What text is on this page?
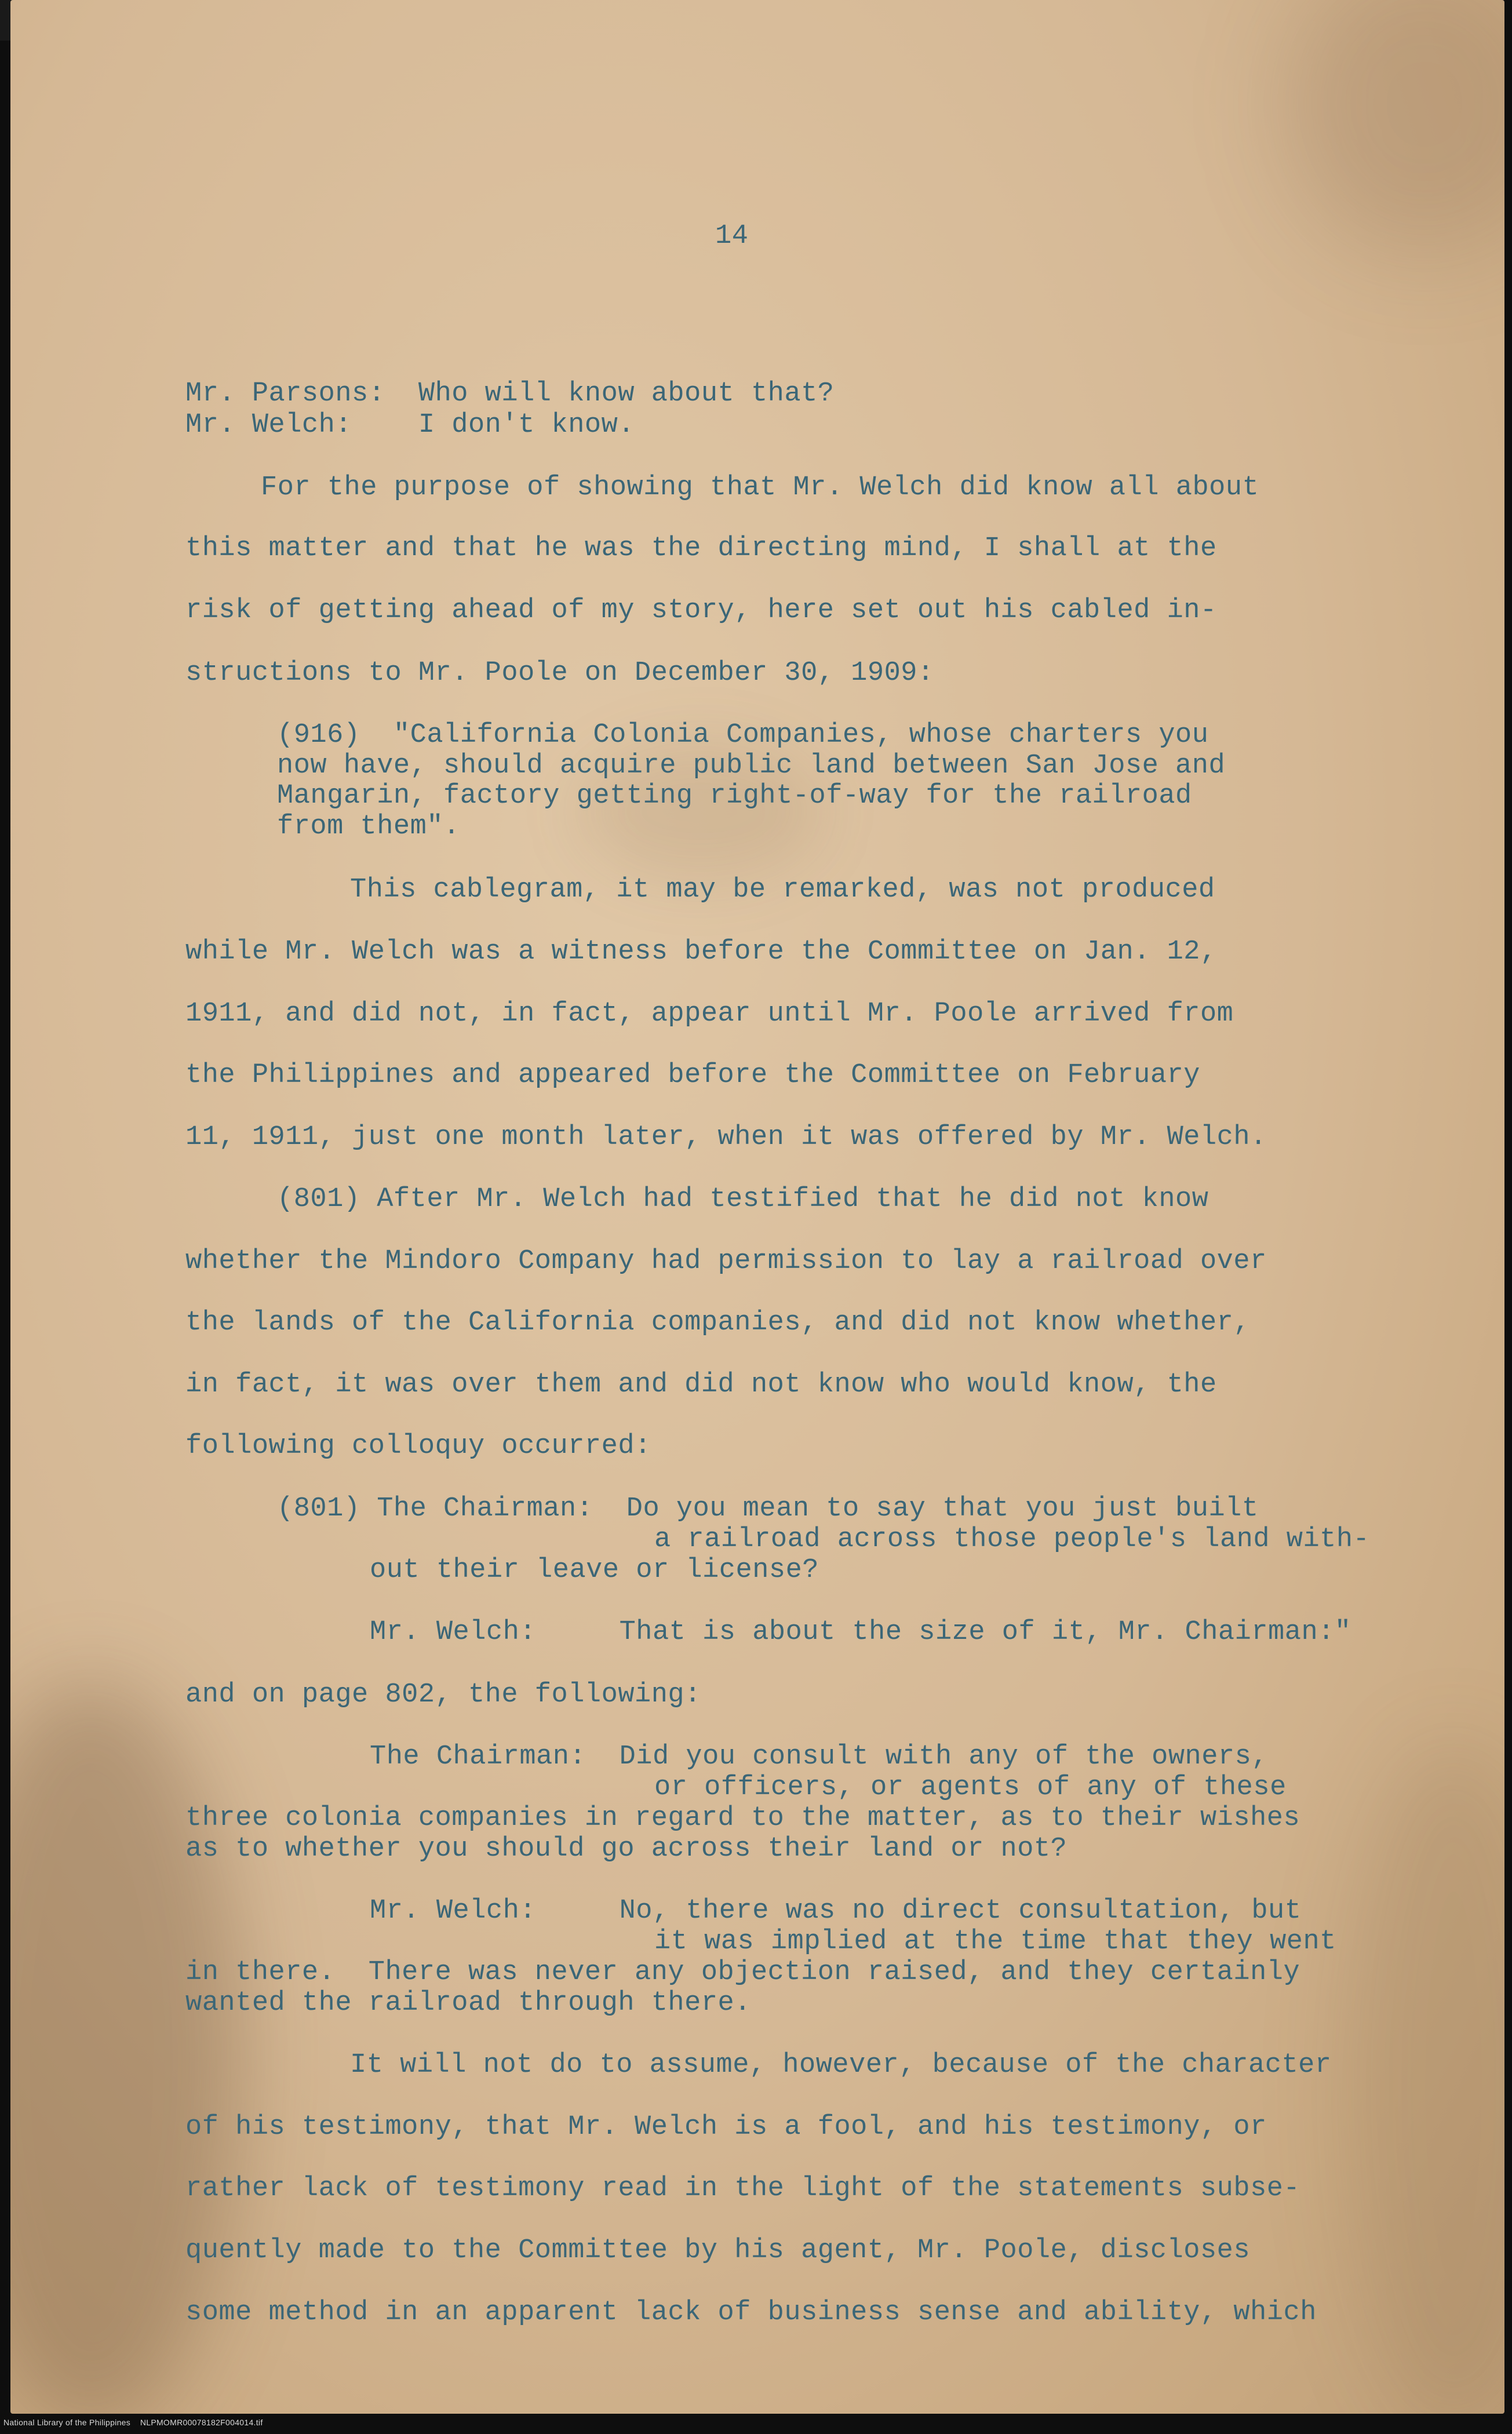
14
Mr. Parsons:  Who will know about that?
Mr. Welch:    I don't know.
For the purpose of showing that Mr. Welch did know all about
this matter and that he was the directing mind, I shall at the
risk of getting ahead of my story, here set out his cabled in-
structions to Mr. Poole on December 30, 1909:
(916)  "California Colonia Companies, whose charters you
now have, should acquire public land between San Jose and
Mangarin, factory getting right-of-way for the railroad
from them".
This cablegram, it may be remarked, was not produced
while Mr. Welch was a witness before the Committee on Jan. 12,
1911, and did not, in fact, appear until Mr. Poole arrived from
the Philippines and appeared before the Committee on February
11, 1911, just one month later, when it was offered by Mr. Welch.
(801) After Mr. Welch had testified that he did not know
whether the Mindoro Company had permission to lay a railroad over
the lands of the California companies, and did not know whether,
in fact, it was over them and did not know who would know, the
following colloquy occurred:
(801) The Chairman:  Do you mean to say that you just built
a railroad across those people's land with-
out their leave or license?
Mr. Welch:     That is about the size of it, Mr. Chairman:"
and on page 802, the following:
The Chairman:  Did you consult with any of the owners,
or officers, or agents of any of these
three colonia companies in regard to the matter, as to their wishes
as to whether you should go across their land or not?
Mr. Welch:     No, there was no direct consultation, but
it was implied at the time that they went
in there.  There was never any objection raised, and they certainly
wanted the railroad through there.
It will not do to assume, however, because of the character
of his testimony, that Mr. Welch is a fool, and his testimony, or
rather lack of testimony read in the light of the statements subse-
quently made to the Committee by his agent, Mr. Poole, discloses
some method in an apparent lack of business sense and ability, which
National Library of the Philippines    NLPMOMR00078182F004014.tif
